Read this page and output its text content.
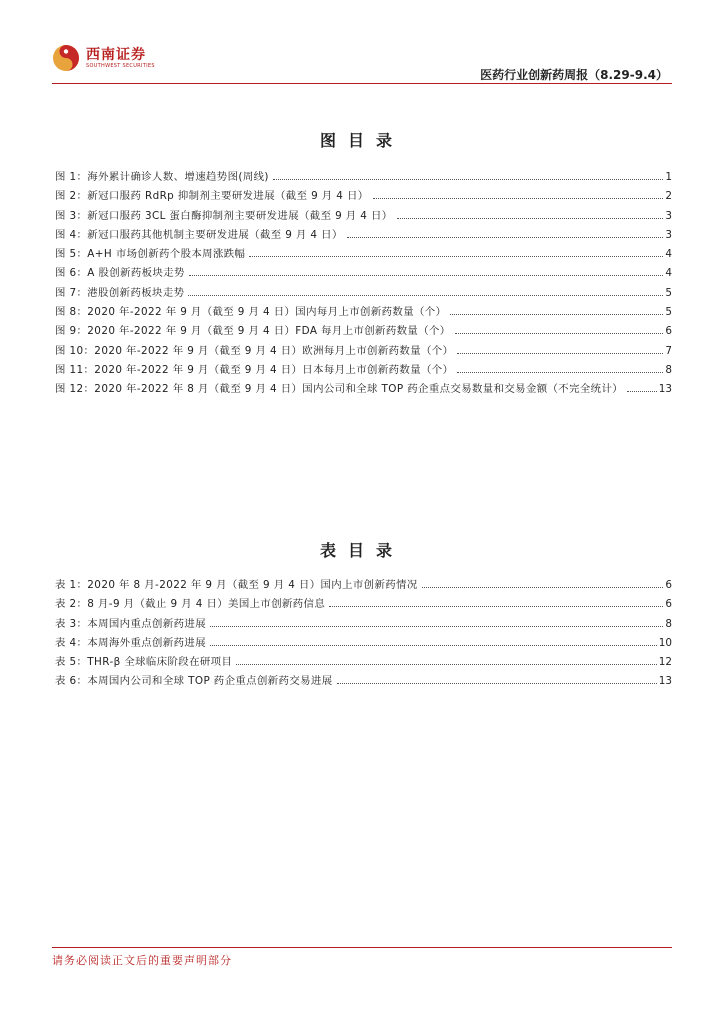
西南证券
SOUTHWEST SECURITIES
医药行业创新药周报（8.29-9.4）
图目录
图 1：海外累计确诊人数、增速趋势图(周线)	1
图 2：新冠口服药 RdRp 抑制剂主要研发进展（截至 9 月 4 日）	2
图 3：新冠口服药 3CL 蛋白酶抑制剂主要研发进展（截至 9 月 4 日）	3
图 4：新冠口服药其他机制主要研发进展（截至 9 月 4 日）	3
图 5：A+H 市场创新药个股本周涨跌幅	4
图 6：A 股创新药板块走势	4
图 7：港股创新药板块走势	5
图 8：2020 年-2022 年 9 月（截至 9 月 4 日）国内每月上市创新药数量（个）	5
图 9：2020 年-2022 年 9 月（截至 9 月 4 日）FDA 每月上市创新药数量（个）	6
图 10：2020 年-2022 年 9 月（截至 9 月 4 日）欧洲每月上市创新药数量（个）	7
图 11：2020 年-2022 年 9 月（截至 9 月 4 日）日本每月上市创新药数量（个）	8
图 12：2020 年-2022 年 8 月（截至 9 月 4 日）国内公司和全球 TOP 药企重点交易数量和交易金额（不完全统计）	13
表目录
表 1：2020 年 8 月-2022 年 9 月（截至 9 月 4 日）国内上市创新药情况	6
表 2：8 月-9 月（截止 9 月 4 日）美国上市创新药信息	6
表 3：本周国内重点创新药进展	8
表 4：本周海外重点创新药进展	10
表 5：THR-β 全球临床阶段在研项目	12
表 6：本周国内公司和全球 TOP 药企重点创新药交易进展	13
请务必阅读正文后的重要声明部分
